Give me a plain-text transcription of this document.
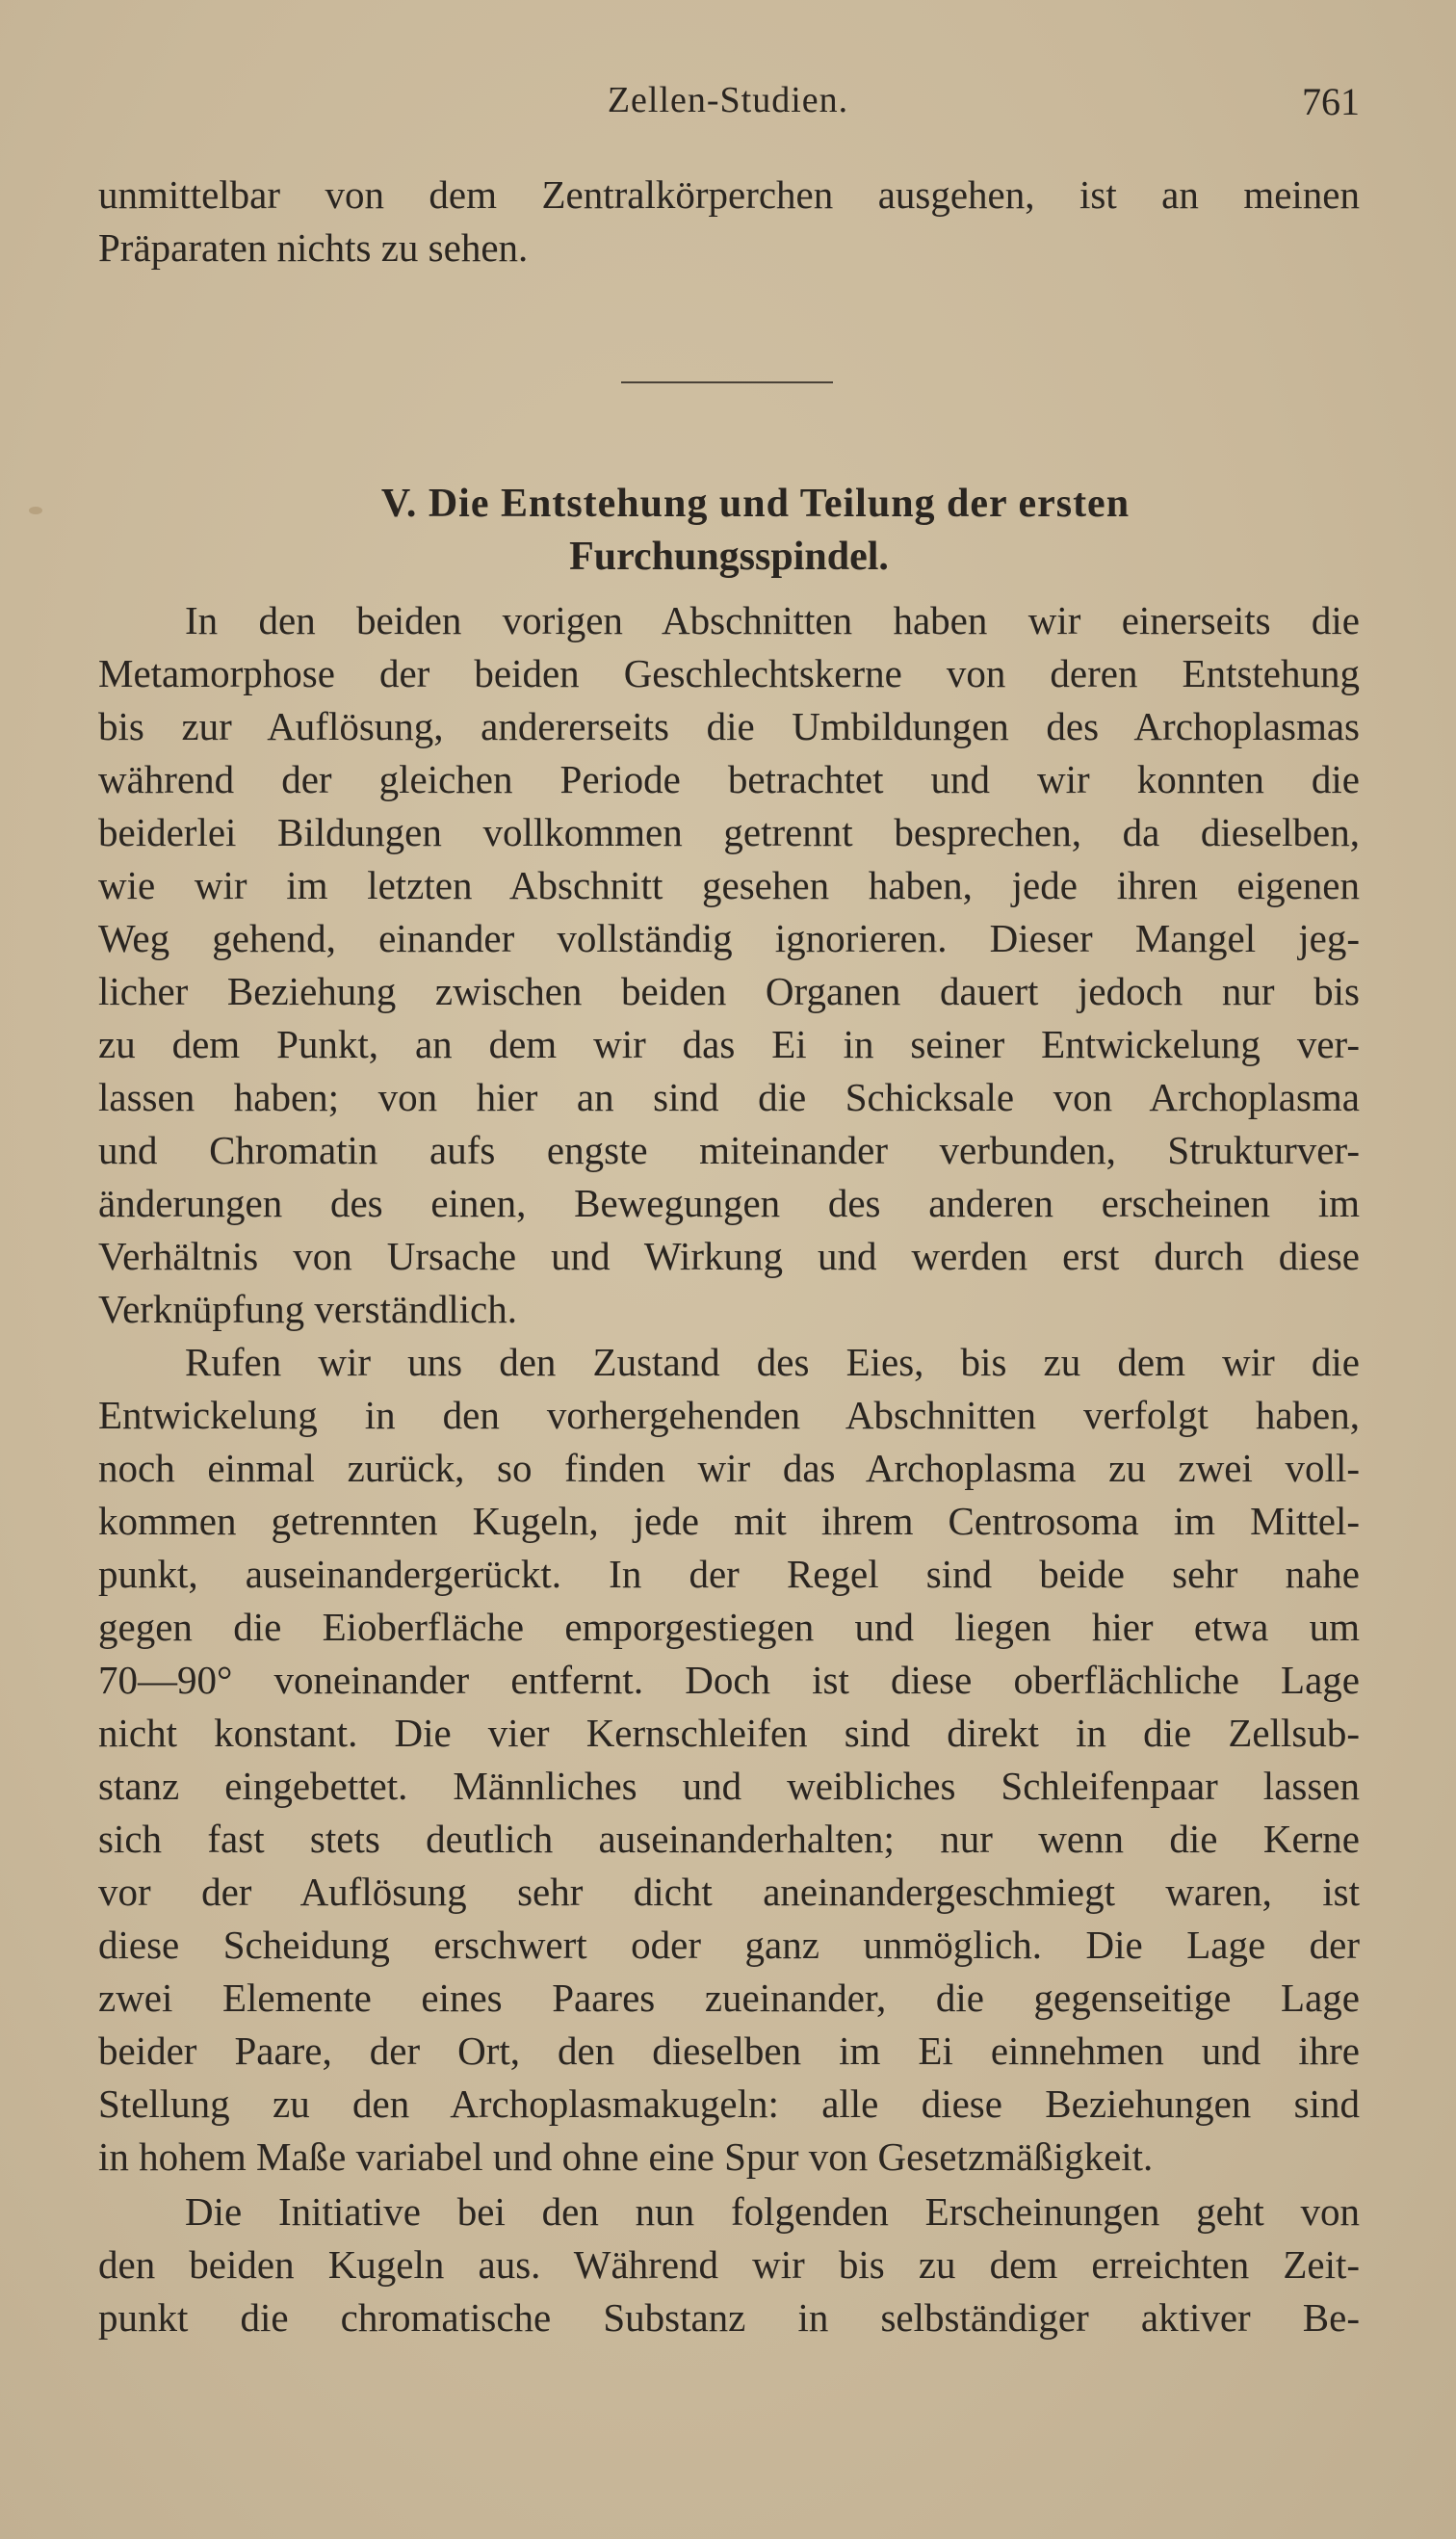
Zellen-Studien.	761
unmittelbar von dem Zentralkörperchen ausgehen, ist an meinen
Präparaten nichts zu sehen.
V. Die Entstehung und Teilung der ersten
Furchungsspindel.
In den beiden vorigen Abschnitten haben wir einerseits die
Metamorphose der beiden Geschlechtskerne von deren Entstehung
bis zur Auflösung, andererseits die Umbildungen des Archoplasmas
während der gleichen Periode betrachtet und wir konnten die
beiderlei Bildungen vollkommen getrennt besprechen, da dieselben,
wie wir im letzten Abschnitt gesehen haben, jede ihren eigenen
Weg gehend, einander vollständig ignorieren. Dieser Mangel jeg-
licher Beziehung zwischen beiden Organen dauert jedoch nur bis
zu dem Punkt, an dem wir das Ei in seiner Entwickelung ver-
lassen haben; von hier an sind die Schicksale von Archoplasma
und Chromatin aufs engste miteinander verbunden, Strukturver-
änderungen des einen, Bewegungen des anderen erscheinen im
Verhältnis von Ursache und Wirkung und werden erst durch diese
Verknüpfung verständlich.
Rufen wir uns den Zustand des Eies, bis zu dem wir die
Entwickelung in den vorhergehenden Abschnitten verfolgt haben,
noch einmal zurück, so finden wir das Archoplasma zu zwei voll-
kommen getrennten Kugeln, jede mit ihrem Centrosoma im Mittel-
punkt, auseinandergerückt. In der Regel sind beide sehr nahe
gegen die Eioberfläche emporgestiegen und liegen hier etwa um
70—90° voneinander entfernt. Doch ist diese oberflächliche Lage
nicht konstant. Die vier Kernschleifen sind direkt in die Zellsub-
stanz eingebettet. Männliches und weibliches Schleifenpaar lassen
sich fast stets deutlich auseinanderhalten; nur wenn die Kerne
vor der Auflösung sehr dicht aneinandergeschmiegt waren, ist
diese Scheidung erschwert oder ganz unmöglich. Die Lage der
zwei Elemente eines Paares zueinander, die gegenseitige Lage
beider Paare, der Ort, den dieselben im Ei einnehmen und ihre
Stellung zu den Archoplasmakugeln: alle diese Beziehungen sind
in hohem Maße variabel und ohne eine Spur von Gesetzmäßigkeit.
Die Initiative bei den nun folgenden Erscheinungen geht von
den beiden Kugeln aus. Während wir bis zu dem erreichten Zeit-
punkt die chromatische Substanz in selbständiger aktiver Be-
